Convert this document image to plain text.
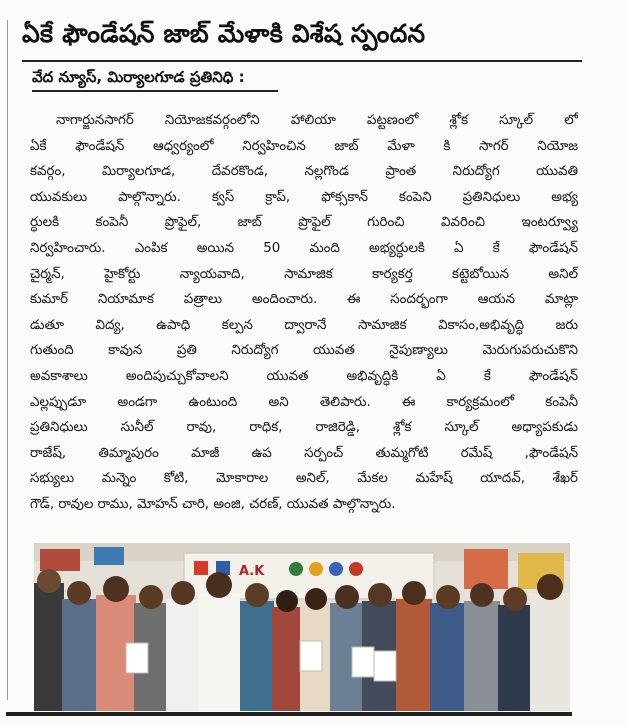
ఏకే ఫౌండేషన్ జాబ్ మేళాకి విశేష స్పందన
వేద న్యూస్, మిర్యాలగూడ ప్రతినిధి :
నాగార్జునసాగర్ నియోజకవర్గంలోని హాలియా పట్టణంలో శ్లోక స్కూల్ లో
ఏకే ఫౌండేషన్ ఆధ్వర్యంలో నిర్వహించిన జాబ్ మేళా కి సాగర్ నియోజ
కవర్గం, మిర్యాలగూడ, దేవరకొండ, నల్లగొండ ప్రాంత నిరుద్యోగ యువతి
యువకులు పాల్గొన్నారు. క్వస్ క్రాప్, ఫోక్సకాన్ కంపెని ప్రతినిధులు అభ్య
ర్ధులకి కంపెనీ ప్రొఫైల్, జాబ్ ప్రొఫైల్ గురించి వివరించి ఇంటర్వ్యూ
నిర్వహించారు. ఎంపిక అయిన 50 మంది అభ్యర్ధులకి ఏ కే ఫౌండేషన్
చైర్మన్, హైకోర్టు న్యాయవాది, సామాజిక కార్యకర్త కట్టెబోయిన అనిల్
కుమార్ నియామాక పత్రాలు అందించారు. ఈ సందర్భంగా ఆయన మాట్లా
డుతూ విద్య, ఉపాధి కల్పన ద్వారానే సామాజిక వికాసం,అభివృద్ధి జరు
గుతుంది కావున ప్రతి నిరుద్యోగ యువత నైపుణ్యాలు మెరుగుపరుచుకొని
అవకాశాలు అందిపుచ్చుకోవాలని యువత అభివృద్ధికి ఏ కే ఫౌండేషన్
ఎల్లప్పుడూ అండగా ఉంటుంది అని తెలిపారు. ఈ కార్యక్రమంలో కంపెనీ
ప్రతినిధులు సునీల్ రావు, రాధిక, రాజిరెడ్డి, శ్లోక స్కూల్ అధ్యాపకుడు
రాజేష్, తిమ్మాపురం మాజీ ఉప సర్పంచ్ తుమ్మగోటి రమేష్ ,ఫౌండేషన్
సభ్యులు మన్నెం కోటి, మోకారాల అనిల్, మేకల మహేష్ యాదవ్, శేఖర్
గౌడ్, రావుల రాము, మోహన్ చారి, అంజి, చరణ్, యువత పాల్గొన్నారు.
A.K
